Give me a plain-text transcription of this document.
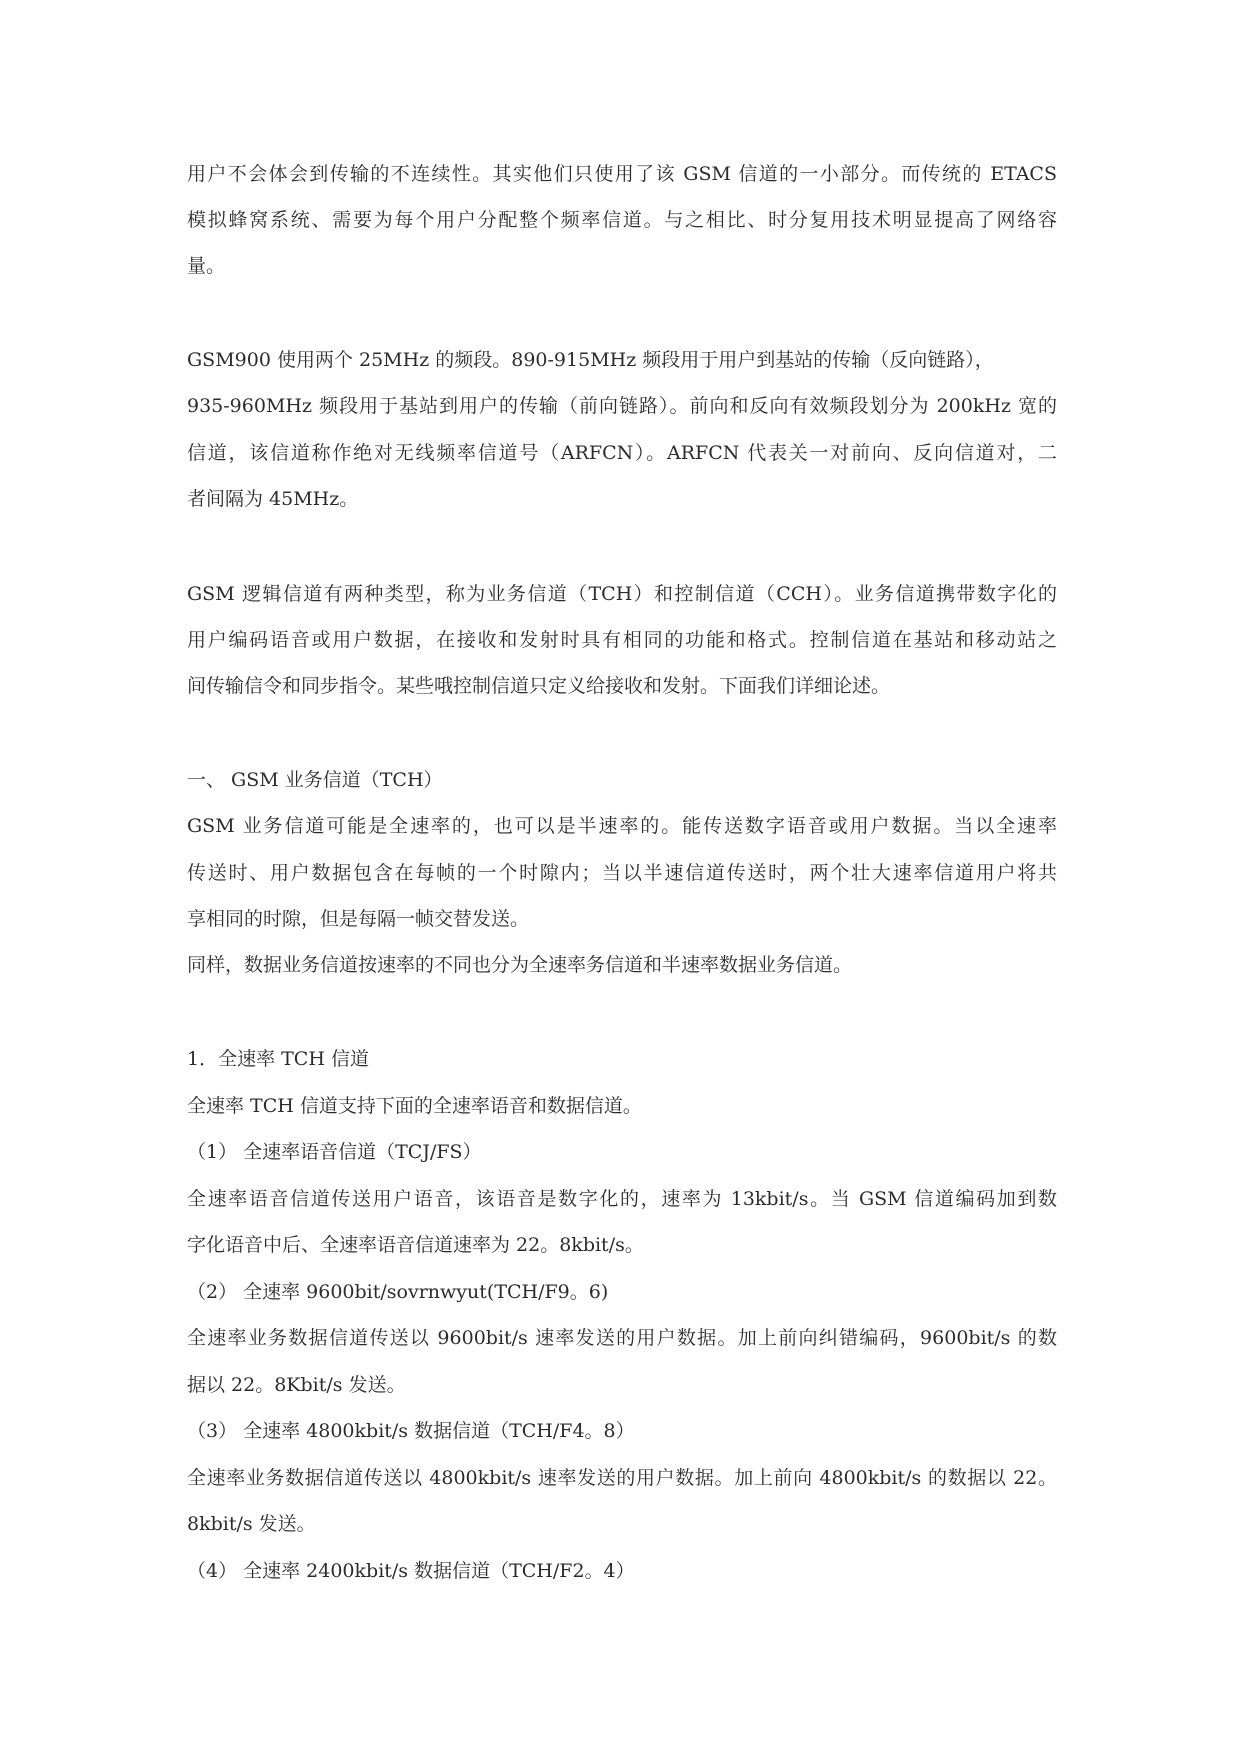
用户不会体会到传输的不连续性。其实他们只使用了该 GSM 信道的一小部分。而传统的 ETACS
模拟蜂窝系统、需要为每个用户分配整个频率信道。与之相比、时分复用技术明显提高了网络容
量。
GSM900 使用两个 25MHz 的频段。890-915MHz 频段用于用户到基站的传输（反向链路），
935-960MHz 频段用于基站到用户的传输（前向链路）。前向和反向有效频段划分为 200kHz 宽的
信道，该信道称作绝对无线频率信道号（ARFCN）。ARFCN 代表关一对前向、反向信道对，二
者间隔为 45MHz。
GSM 逻辑信道有两种类型，称为业务信道（TCH）和控制信道（CCH）。业务信道携带数字化的
用户编码语音或用户数据，在接收和发射时具有相同的功能和格式。控制信道在基站和移动站之
间传输信令和同步指令。某些哦控制信道只定义给接收和发射。下面我们详细论述。
一、 GSM 业务信道（TCH）
GSM 业务信道可能是全速率的，也可以是半速率的。能传送数字语音或用户数据。当以全速率
传送时、用户数据包含在每帧的一个时隙内；当以半速信道传送时，两个壮大速率信道用户将共
享相同的时隙，但是每隔一帧交替发送。
同样，数据业务信道按速率的不同也分为全速率务信道和半速率数据业务信道。
1．全速率 TCH 信道
全速率 TCH 信道支持下面的全速率语音和数据信道。
（1） 全速率语音信道（TCJ/FS）
全速率语音信道传送用户语音，该语音是数字化的，速率为 13kbit/s。当 GSM 信道编码加到数
字化语音中后、全速率语音信道速率为 22。8kbit/s。
（2） 全速率 9600bit/sovrnwyut(TCH/F9。6)
全速率业务数据信道传送以 9600bit/s 速率发送的用户数据。加上前向纠错编码，9600bit/s 的数
据以 22。8Kbit/s 发送。
（3） 全速率 4800kbit/s 数据信道（TCH/F4。8）
全速率业务数据信道传送以 4800kbit/s 速率发送的用户数据。加上前向 4800kbit/s 的数据以 22。
8kbit/s 发送。
（4） 全速率 2400kbit/s 数据信道（TCH/F2。4）
